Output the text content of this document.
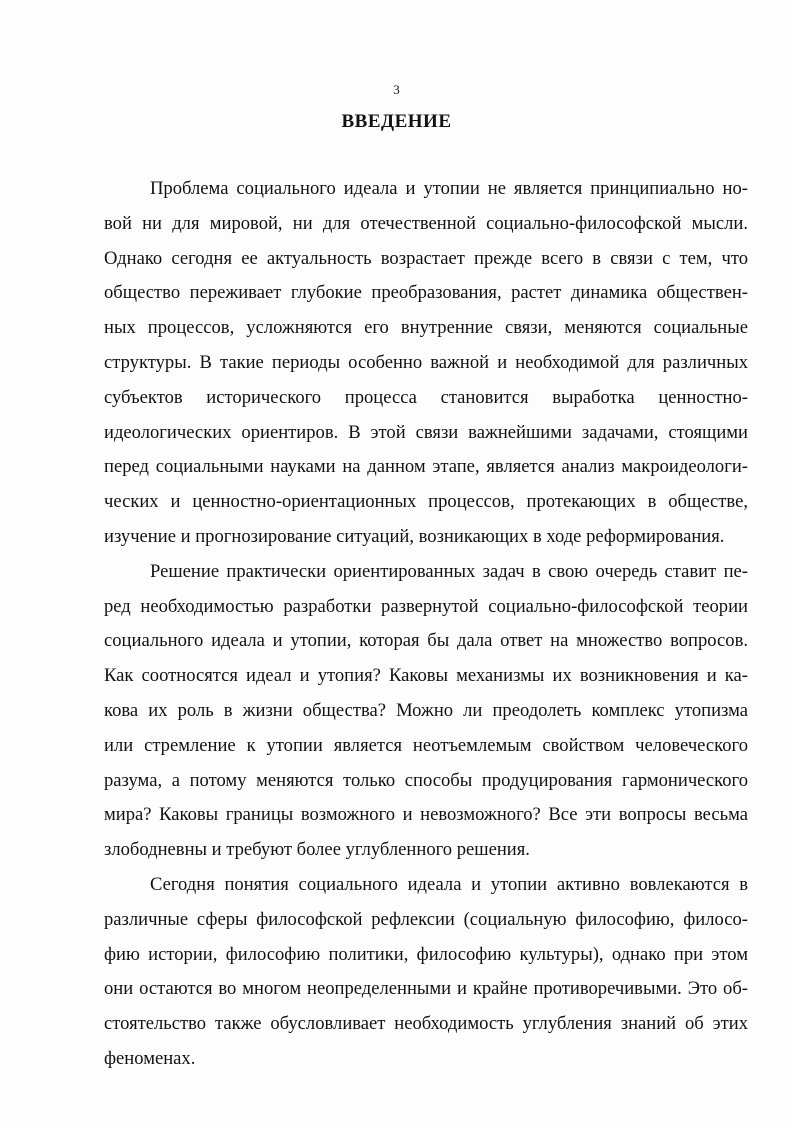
3
ВВЕДЕНИЕ
Проблема социального идеала и утопии не является принципиально но-
вой ни для мировой, ни для отечественной социально-философской мысли.
Однако сегодня ее актуальность возрастает прежде всего в связи с тем, что
общество переживает глубокие преобразования, растет динамика обществен-
ных процессов, усложняются его внутренние связи, меняются социальные
структуры. В такие периоды особенно важной и необходимой для различных
субъектов исторического процесса становится выработка ценностно-
идеологических ориентиров. В этой связи важнейшими задачами, стоящими
перед социальными науками на данном этапе, является анализ макроидеологи-
ческих и ценностно-ориентационных процессов, протекающих в обществе,
изучение и прогнозирование ситуаций, возникающих в ходе реформирования.
Решение практически ориентированных задач в свою очередь ставит пе-
ред необходимостью разработки развернутой социально-философской теории
социального идеала и утопии, которая бы дала ответ на множество вопросов.
Как соотносятся идеал и утопия? Каковы механизмы их возникновения и ка-
кова их роль в жизни общества? Можно ли преодолеть комплекс утопизма
или стремление к утопии является неотъемлемым свойством человеческого
разума, а потому меняются только способы продуцирования гармонического
мира? Каковы границы возможного и невозможного? Все эти вопросы весьма
злободневны и требуют более углубленного решения.
Сегодня понятия социального идеала и утопии активно вовлекаются в
различные сферы философской рефлексии (социальную философию, филосо-
фию истории, философию политики, философию культуры), однако при этом
они остаются во многом неопределенными и крайне противоречивыми. Это об-
стоятельство также обусловливает необходимость углубления знаний об этих
феноменах.
